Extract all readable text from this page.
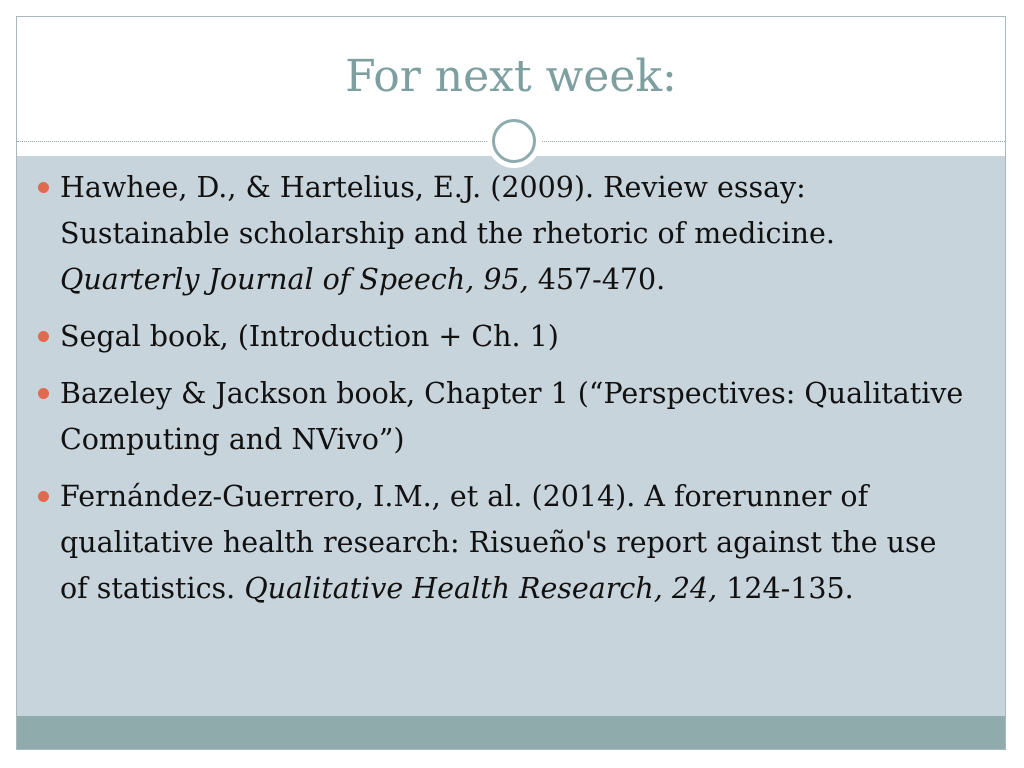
For next week:
Hawhee, D., & Hartelius, E.J. (2009). Review essay: Sustainable scholarship and the rhetoric of medicine. Quarterly Journal of Speech, 95, 457-470.
Segal book, (Introduction + Ch. 1)
Bazeley & Jackson book, Chapter 1 (“Perspectives: Qualitative Computing and NVivo”)
Fernández-Guerrero, I.M., et al. (2014). A forerunner of qualitative health research: Risueño's report against the use of statistics. Qualitative Health Research, 24, 124-135.
